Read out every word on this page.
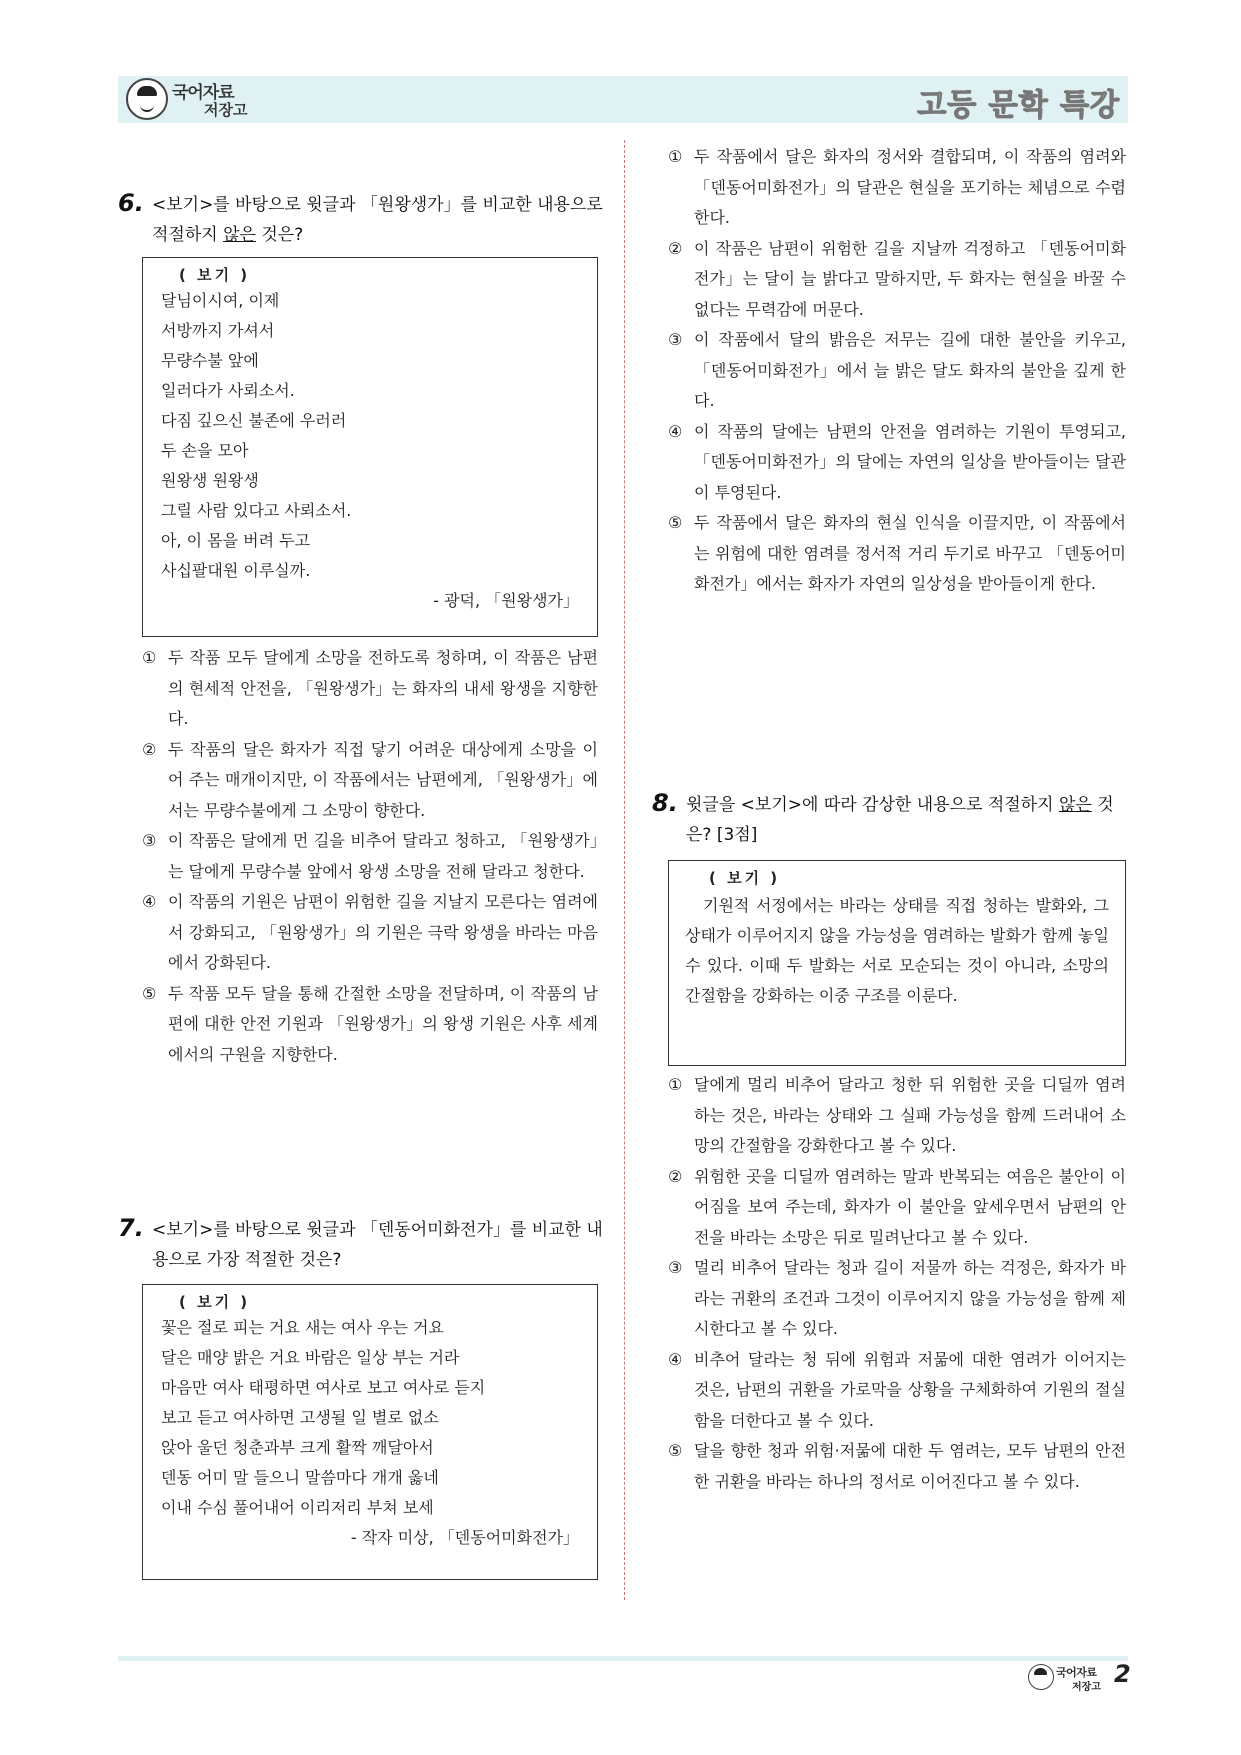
국어자료
저장고	고등 문학 특강
6. <보기>를 바탕으로 윗글과 「원왕생가」를 비교한 내용으로 적절하지 않은 것은?
( 보기 )
달님이시여, 이제
서방까지 가셔서
무량수불 앞에
일러다가 사뢰소서.
다짐 깊으신 불존에 우러러
두 손을 모아
원왕생 원왕생
그릴 사람 있다고 사뢰소서.
아, 이 몸을 버려 두고
사십팔대원 이루실까.
- 광덕, 「원왕생가」
① 두 작품 모두 달에게 소망을 전하도록 청하며, 이 작품은 남편의 현세적 안전을, 「원왕생가」는 화자의 내세 왕생을 지향한다.
② 두 작품의 달은 화자가 직접 닿기 어려운 대상에게 소망을 이어 주는 매개이지만, 이 작품에서는 남편에게, 「원왕생가」에서는 무량수불에게 그 소망이 향한다.
③ 이 작품은 달에게 먼 길을 비추어 달라고 청하고, 「원왕생가」는 달에게 무량수불 앞에서 왕생 소망을 전해 달라고 청한다.
④ 이 작품의 기원은 남편이 위험한 길을 지날지 모른다는 염려에서 강화되고, 「원왕생가」의 기원은 극락 왕생을 바라는 마음에서 강화된다.
⑤ 두 작품 모두 달을 통해 간절한 소망을 전달하며, 이 작품의 남편에 대한 안전 기원과 「원왕생가」의 왕생 기원은 사후 세계에서의 구원을 지향한다.
7. <보기>를 바탕으로 윗글과 「덴동어미화전가」를 비교한 내용으로 가장 적절한 것은?
( 보기 )
꽃은 절로 피는 거요 새는 여사 우는 거요
달은 매양 밝은 거요 바람은 일상 부는 거라
마음만 여사 태평하면 여사로 보고 여사로 듣지
보고 듣고 여사하면 고생될 일 별로 없소
앉아 울던 청춘과부 크게 활짝 깨달아서
덴동 어미 말 들으니 말씀마다 개개 옳네
이내 수심 풀어내어 이리저리 부쳐 보세
- 작자 미상, 「덴동어미화전가」
① 두 작품에서 달은 화자의 정서와 결합되며, 이 작품의 염려와 「덴동어미화전가」의 달관은 현실을 포기하는 체념으로 수렴한다.
② 이 작품은 남편이 위험한 길을 지날까 걱정하고 「덴동어미화전가」는 달이 늘 밝다고 말하지만, 두 화자는 현실을 바꿀 수 없다는 무력감에 머문다.
③ 이 작품에서 달의 밝음은 저무는 길에 대한 불안을 키우고, 「덴동어미화전가」에서 늘 밝은 달도 화자의 불안을 깊게 한다.
④ 이 작품의 달에는 남편의 안전을 염려하는 기원이 투영되고, 「덴동어미화전가」의 달에는 자연의 일상을 받아들이는 달관이 투영된다.
⑤ 두 작품에서 달은 화자의 현실 인식을 이끌지만, 이 작품에서는 위험에 대한 염려를 정서적 거리 두기로 바꾸고 「덴동어미화전가」에서는 화자가 자연의 일상성을 받아들이게 한다.
8. 윗글을 <보기>에 따라 감상한 내용으로 적절하지 않은 것은? [3점]
( 보기 )
기원적 서정에서는 바라는 상태를 직접 청하는 발화와, 그 상태가 이루어지지 않을 가능성을 염려하는 발화가 함께 놓일 수 있다. 이때 두 발화는 서로 모순되는 것이 아니라, 소망의 간절함을 강화하는 이중 구조를 이룬다.
① 달에게 멀리 비추어 달라고 청한 뒤 위험한 곳을 디딜까 염려하는 것은, 바라는 상태와 그 실패 가능성을 함께 드러내어 소망의 간절함을 강화한다고 볼 수 있다.
② 위험한 곳을 디딜까 염려하는 말과 반복되는 여음은 불안이 이어짐을 보여 주는데, 화자가 이 불안을 앞세우면서 남편의 안전을 바라는 소망은 뒤로 밀려난다고 볼 수 있다.
③ 멀리 비추어 달라는 청과 길이 저물까 하는 걱정은, 화자가 바라는 귀환의 조건과 그것이 이루어지지 않을 가능성을 함께 제시한다고 볼 수 있다.
④ 비추어 달라는 청 뒤에 위험과 저묾에 대한 염려가 이어지는 것은, 남편의 귀환을 가로막을 상황을 구체화하여 기원의 절실함을 더한다고 볼 수 있다.
⑤ 달을 향한 청과 위험·저묾에 대한 두 염려는, 모두 남편의 안전한 귀환을 바라는 하나의 정서로 이어진다고 볼 수 있다.
국어자료
저장고 2
